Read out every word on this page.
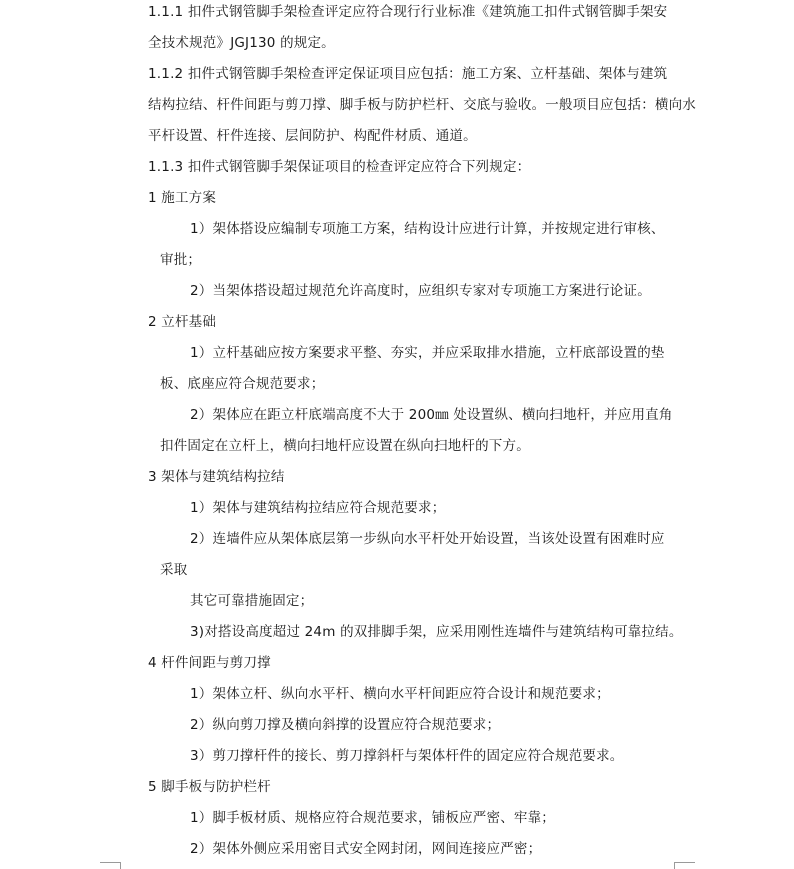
1.1.1 扣件式钢管脚手架检查评定应符合现行行业标准《建筑施工扣件式钢管脚手架安
全技术规范》JGJ130 的规定。
1.1.2 扣件式钢管脚手架检查评定保证项目应包括：施工方案、立杆基础、架体与建筑
结构拉结、杆件间距与剪刀撑、脚手板与防护栏杆、交底与验收。一般项目应包括：横向水
平杆设置、杆件连接、层间防护、构配件材质、通道。
1.1.3 扣件式钢管脚手架保证项目的检查评定应符合下列规定：
1 施工方案
1）架体搭设应编制专项施工方案，结构设计应进行计算，并按规定进行审核、
审批；
2）当架体搭设超过规范允许高度时，应组织专家对专项施工方案进行论证。
2 立杆基础
1）立杆基础应按方案要求平整、夯实，并应采取排水措施，立杆底部设置的垫
板、底座应符合规范要求；
2）架体应在距立杆底端高度不大于 200㎜ 处设置纵、横向扫地杆，并应用直角
扣件固定在立杆上，横向扫地杆应设置在纵向扫地杆的下方。
3 架体与建筑结构拉结
1）架体与建筑结构拉结应符合规范要求；
2）连墙件应从架体底层第一步纵向水平杆处开始设置，当该处设置有困难时应
采取
其它可靠措施固定；
3)对搭设高度超过 24m 的双排脚手架，应采用刚性连墙件与建筑结构可靠拉结。
4 杆件间距与剪刀撑
1）架体立杆、纵向水平杆、横向水平杆间距应符合设计和规范要求；
2）纵向剪刀撑及横向斜撑的设置应符合规范要求；
3）剪刀撑杆件的接长、剪刀撑斜杆与架体杆件的固定应符合规范要求。
5 脚手板与防护栏杆
1）脚手板材质、规格应符合规范要求，铺板应严密、牢靠；
2）架体外侧应采用密目式安全网封闭，网间连接应严密；
